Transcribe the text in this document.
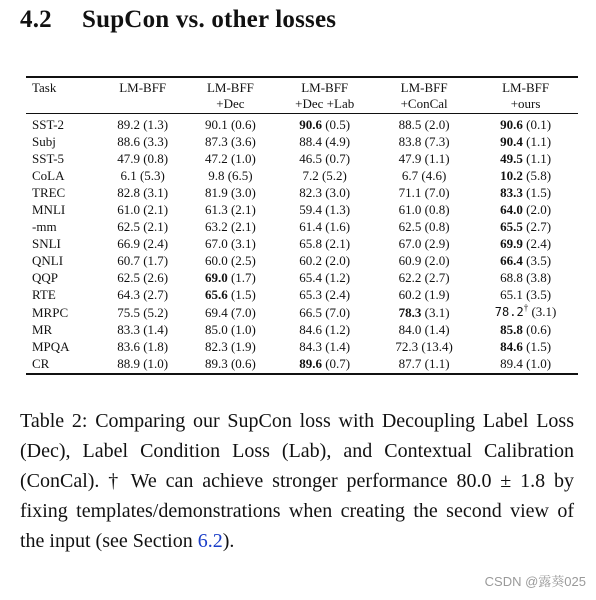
4.2 SupCon vs. other losses
Task	LM-BFF	LM-BFF	LM-BFF	LM-BFF	LM-BFF
		+Dec	+Dec +Lab	+ConCal	+ours
SST-2	89.2 (1.3)	90.1 (0.6)	90.6 (0.5)	88.5 (2.0)	90.6 (0.1)
Subj	88.6 (3.3)	87.3 (3.6)	88.4 (4.9)	83.8 (7.3)	90.4 (1.1)
SST-5	47.9 (0.8)	47.2 (1.0)	46.5 (0.7)	47.9 (1.1)	49.5 (1.1)
CoLA	6.1 (5.3)	9.8 (6.5)	7.2 (5.2)	6.7 (4.6)	10.2 (5.8)
TREC	82.8 (3.1)	81.9 (3.0)	82.3 (3.0)	71.1 (7.0)	83.3 (1.5)
MNLI	61.0 (2.1)	61.3 (2.1)	59.4 (1.3)	61.0 (0.8)	64.0 (2.0)
-mm	62.5 (2.1)	63.2 (2.1)	61.4 (1.6)	62.5 (0.8)	65.5 (2.7)
SNLI	66.9 (2.4)	67.0 (3.1)	65.8 (2.1)	67.0 (2.9)	69.9 (2.4)
QNLI	60.7 (1.7)	60.0 (2.5)	60.2 (2.0)	60.9 (2.0)	66.4 (3.5)
QQP	62.5 (2.6)	69.0 (1.7)	65.4 (1.2)	62.2 (2.7)	68.8 (3.8)
RTE	64.3 (2.7)	65.6 (1.5)	65.3 (2.4)	60.2 (1.9)	65.1 (3.5)
MRPC	75.5 (5.2)	69.4 (7.0)	66.5 (7.0)	78.3 (3.1)	78.2† (3.1)
MR	83.3 (1.4)	85.0 (1.0)	84.6 (1.2)	84.0 (1.4)	85.8 (0.6)
MPQA	83.6 (1.8)	82.3 (1.9)	84.3 (1.4)	72.3 (13.4)	84.6 (1.5)
CR	88.9 (1.0)	89.3 (0.6)	89.6 (0.7)	87.7 (1.1)	89.4 (1.0)
Table 2: Comparing our SupCon loss with Decoupling Label Loss (Dec), Label Condition Loss (Lab), and Contextual Calibration (ConCal). † We can achieve stronger performance 80.0 ± 1.8 by fixing templates/demonstrations when creating the second view of the input (see Section 6.2).
CSDN @露葵025
